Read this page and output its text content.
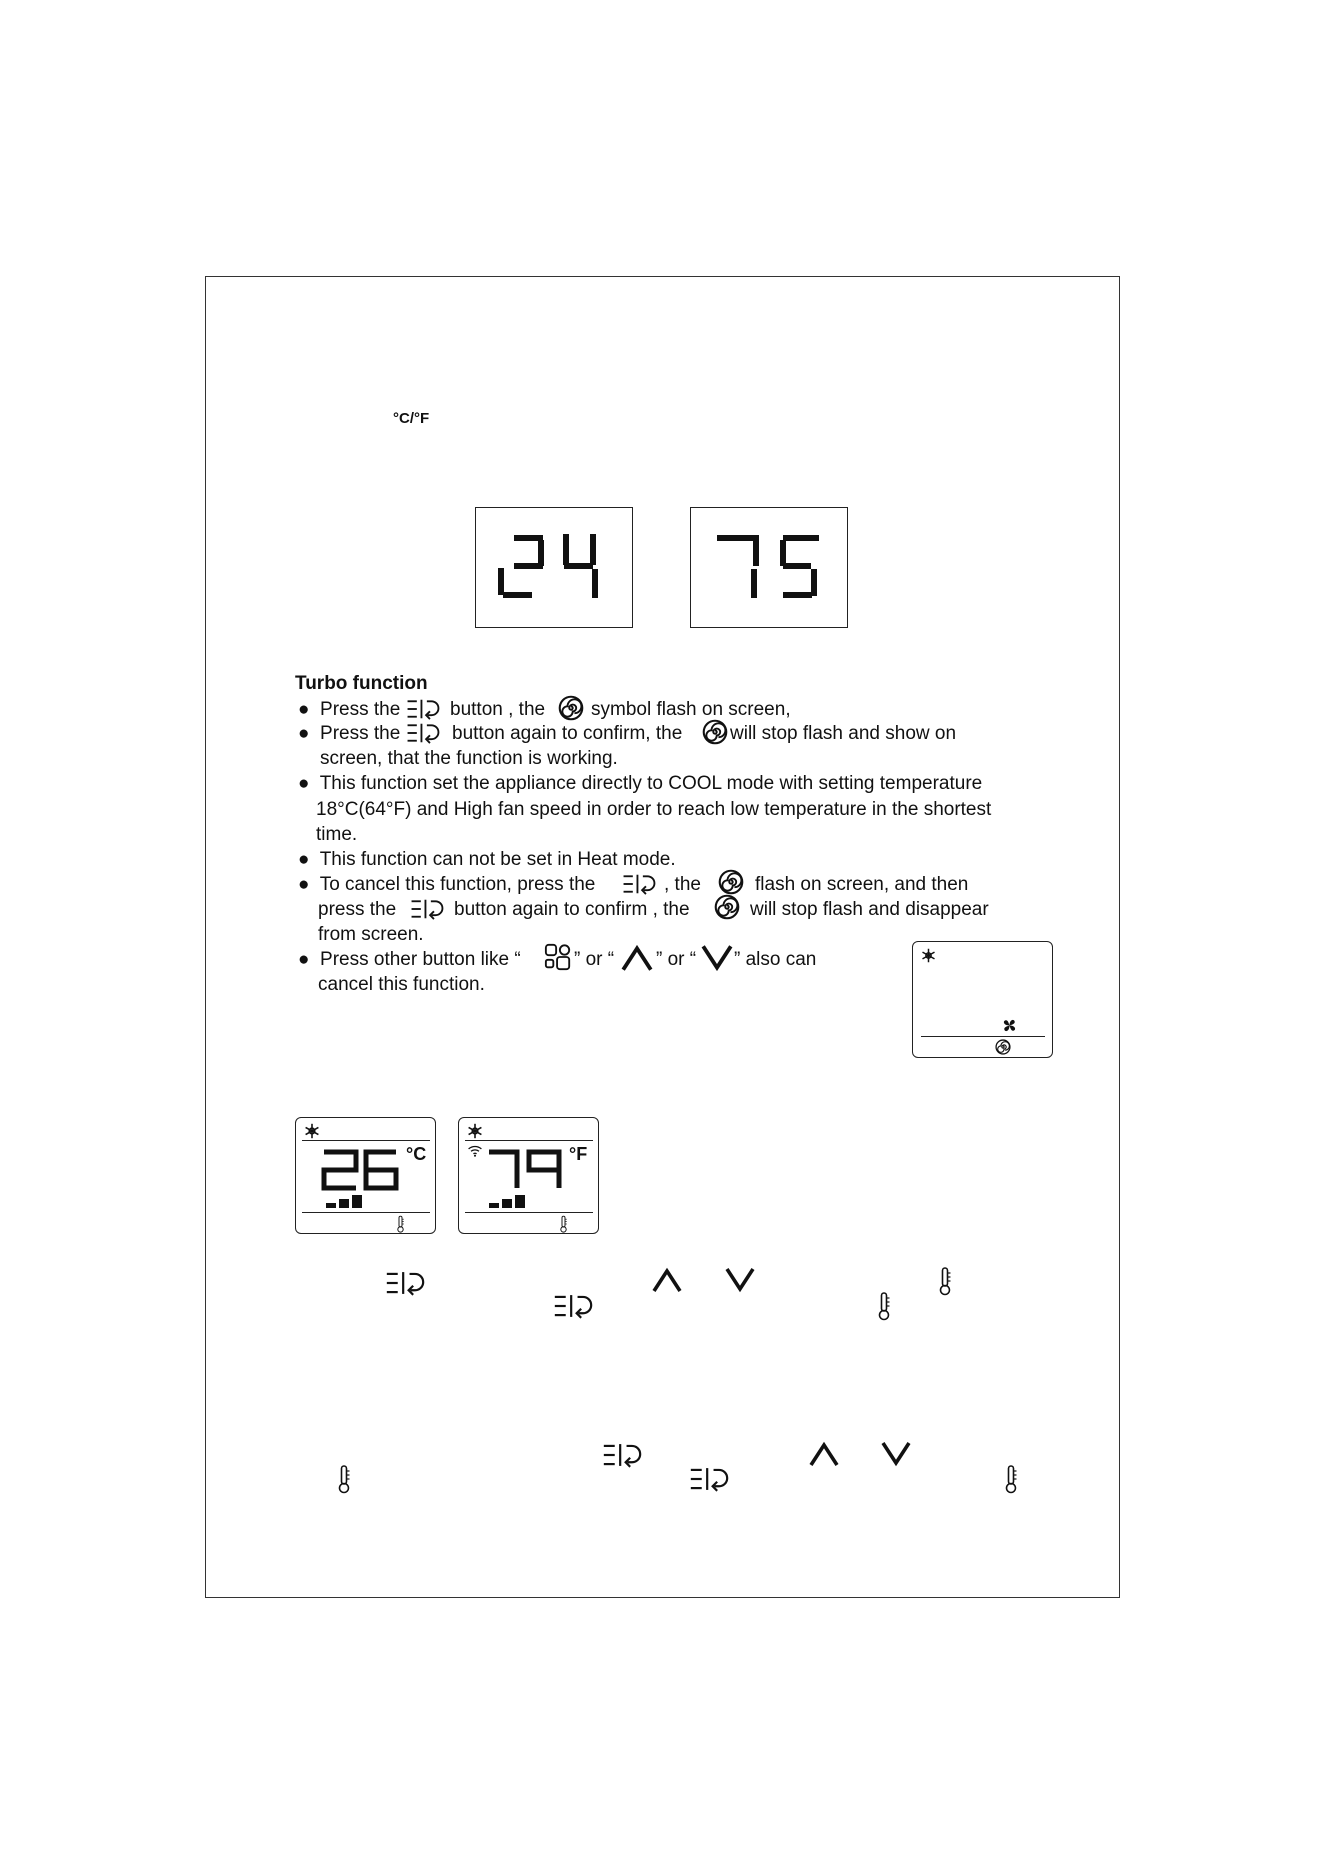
°C/°F
Turbo function
● Press the	button , the symbol flash on screen,
● Press the	button again to confirm, the	will stop flash and show on
screen, that the function is working.
● This function set the appliance directly to COOL mode with setting temperature
18°C(64°F) and High fan speed in order to reach low temperature in the shortest
time.
● This function can not be set in Heat mode.
● To cancel this function, press the	, the	flash on screen, and then
press the	button again to confirm , the	will stop flash and disappear
from screen.
● Press other button like “	” or “ ” or “ ” also can
cancel this function.
°C	°F
